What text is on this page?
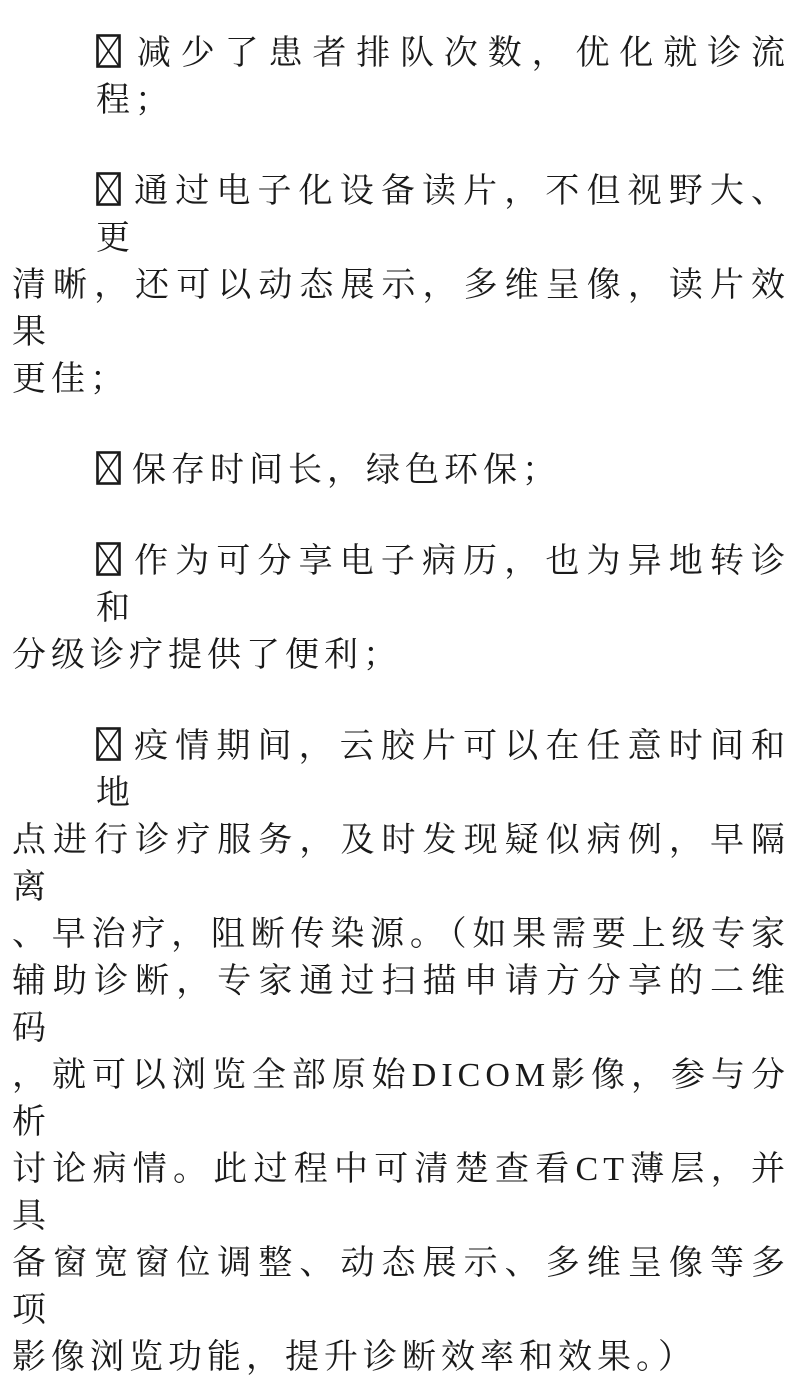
减少了患者排队次数，优化就诊流程；
通过电子化设备读片，不但视野大、更
清晰，还可以动态展示，多维呈像，读片效果
更佳；
保存时间长，绿色环保；
作为可分享电子病历，也为异地转诊和
分级诊疗提供了便利；
疫情期间，云胶片可以在任意时间和地
点进行诊疗服务，及时发现疑似病例，早隔离
、早治疗，阻断传染源。（如果需要上级专家
辅助诊断，专家通过扫描申请方分享的二维码
，就可以浏览全部原始DICOM影像，参与分析
讨论病情。此过程中可清楚查看CT薄层，并具
备窗宽窗位调整、动态展示、多维呈像等多项
影像浏览功能，提升诊断效率和效果。）
